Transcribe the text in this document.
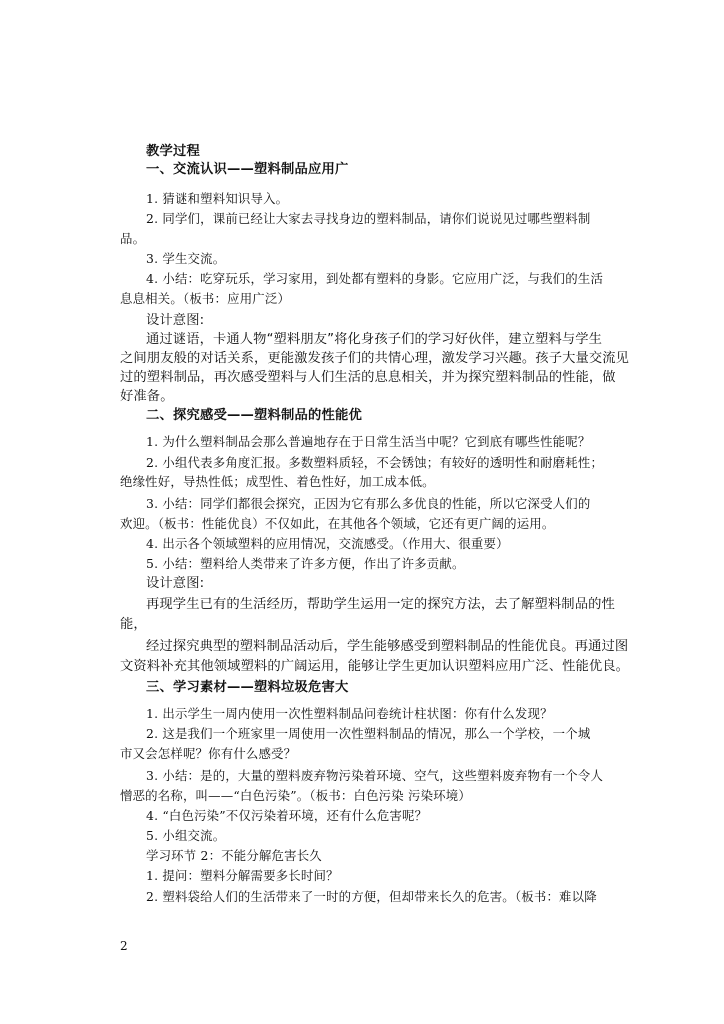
教学过程
一、交流认识——塑料制品应用广
1. 猜谜和塑料知识导入。
2. 同学们，课前已经让大家去寻找身边的塑料制品，请你们说说见过哪些塑料制
品。
3. 学生交流。
4. 小结：吃穿玩乐，学习家用，到处都有塑料的身影。它应用广泛，与我们的生活
息息相关。（板书：应用广泛）
设计意图:
通过谜语，卡通人物“塑料朋友”将化身孩子们的学习好伙伴，建立塑料与学生
之间朋友般的对话关系，更能激发孩子们的共情心理，激发学习兴趣。孩子大量交流见
过的塑料制品，再次感受塑料与人们生活的息息相关，并为探究塑料制品的性能，做
好准备。
二、探究感受——塑料制品的性能优
1. 为什么塑料制品会那么普遍地存在于日常生活当中呢？它到底有哪些性能呢？
2. 小组代表多角度汇报。多数塑料质轻，不会锈蚀；有较好的透明性和耐磨耗性；
绝缘性好，导热性低；成型性、着色性好，加工成本低。
3. 小结：同学们都很会探究，正因为它有那么多优良的性能，所以它深受人们的
欢迎。（板书：性能优良）不仅如此，在其他各个领域，它还有更广阔的运用。
4. 出示各个领域塑料的应用情况，交流感受。（作用大、很重要）
5. 小结：塑料给人类带来了许多方便，作出了许多贡献。
设计意图:
再现学生已有的生活经历，帮助学生运用一定的探究方法，去了解塑料制品的性
能，
经过探究典型的塑料制品活动后，学生能够感受到塑料制品的性能优良。再通过图
文资料补充其他领域塑料的广阔运用，能够让学生更加认识塑料应用广泛、性能优良。
三、学习素材——塑料垃圾危害大
1. 出示学生一周内使用一次性塑料制品问卷统计柱状图：你有什么发现？
2. 这是我们一个班家里一周使用一次性塑料制品的情况，那么一个学校，一个城
市又会怎样呢？你有什么感受？
3. 小结：是的，大量的塑料废弃物污染着环境、空气，这些塑料废弃物有一个令人
憎恶的名称，叫——“白色污染”。（板书：白色污染 污染环境）
4. “白色污染”不仅污染着环境，还有什么危害呢？
5. 小组交流。
学习环节 2：不能分解危害长久
1. 提问：塑料分解需要多长时间？
2. 塑料袋给人们的生活带来了一时的方便，但却带来长久的危害。（板书：难以降
2
